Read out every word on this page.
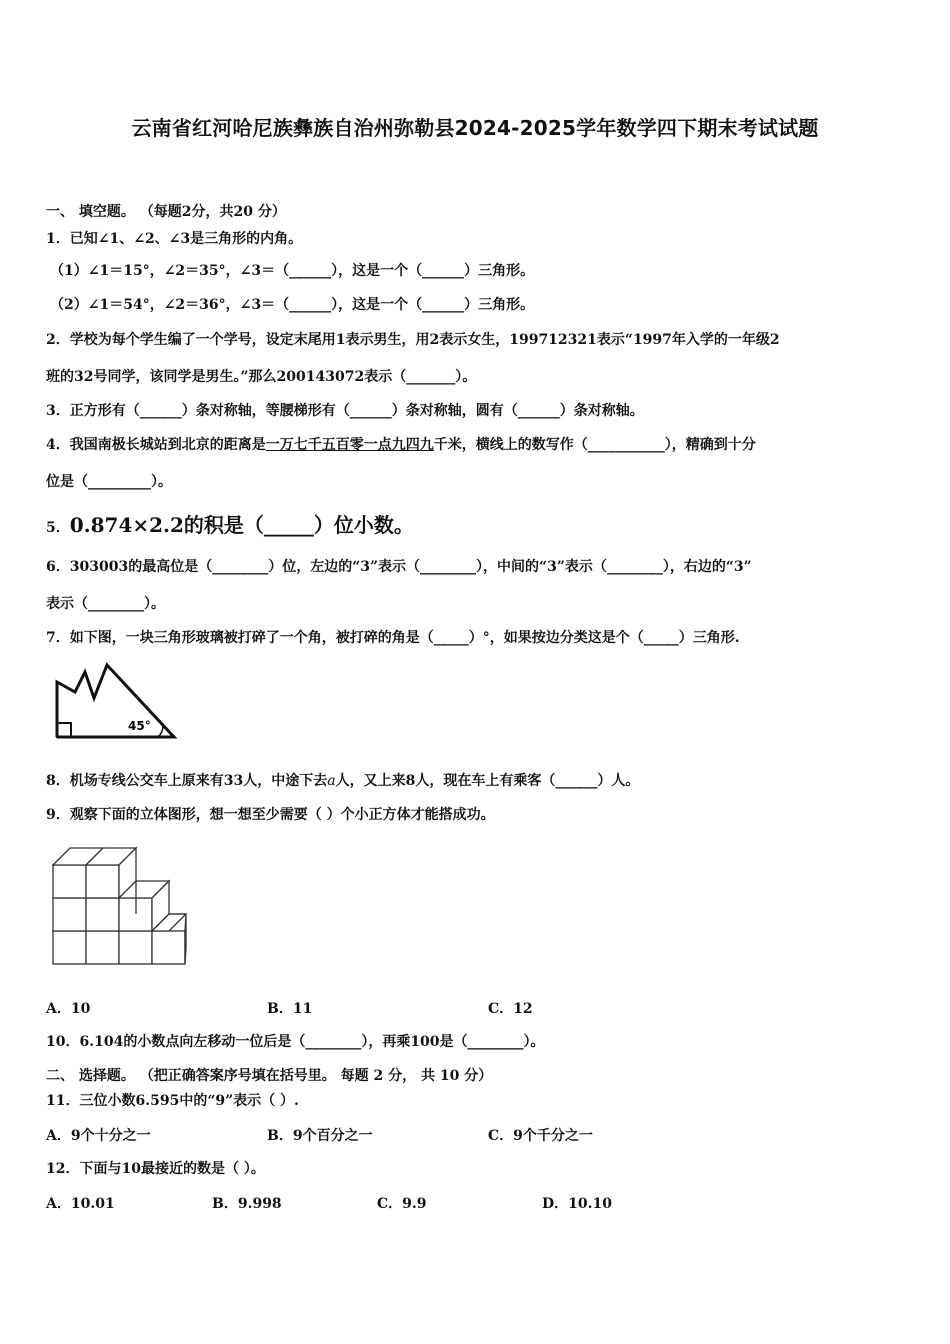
云南省红河哈尼族彝族自治州弥勒县2024-2025学年数学四下期末考试试题
一、 填空题。 （每题2分，共20 分）
1．已知∠1、∠2、∠3是三角形的内角。
（1）∠1＝15°，∠2＝35°，∠3＝（______），这是一个（______）三角形。
（2）∠1＝54°，∠2＝36°，∠3＝（______），这是一个（______）三角形。
2．学校为每个学生编了一个学号，设定末尾用1表示男生，用2表示女生，199712321表示“1997年入学的一年级2
班的32号同学，该同学是男生。”那么200143072表示（_______）。
3．正方形有（______）条对称轴，等腰梯形有（______）条对称轴，圆有（______）条对称轴。
4．我国南极长城站到北京的距离是一万七千五百零一点九四九千米，横线上的数写作（___________），精确到十分
位是（_________）。
5．0.874×2.2的积是（_____）位小数。
6．303003的最高位是（________）位，左边的“3”表示（________），中间的“3”表示（________），右边的“3”
表示（________）。
7．如下图，一块三角形玻璃被打碎了一个角，被打碎的角是（_____）°，如果按边分类这是个（_____）三角形.
45°
8．机场专线公交车上原来有33人，中途下去a人，又上来8人，现在车上有乘客（______）人。
9．观察下面的立体图形，想一想至少需要（ ）个小正方体才能搭成功。
A．10	B．11	C．12
10．6.104的小数点向左移动一位后是（________），再乘100是（________）。
二、 选择题。 （把正确答案序号填在括号里。 每题 2 分， 共 10 分）
11．三位小数6.595中的“9”表示（ ）.
A．9个十分之一	B．9个百分之一	C．9个千分之一
12．下面与10最接近的数是（ ）。
A．10.01	B．9.998	C．9.9	D．10.10
